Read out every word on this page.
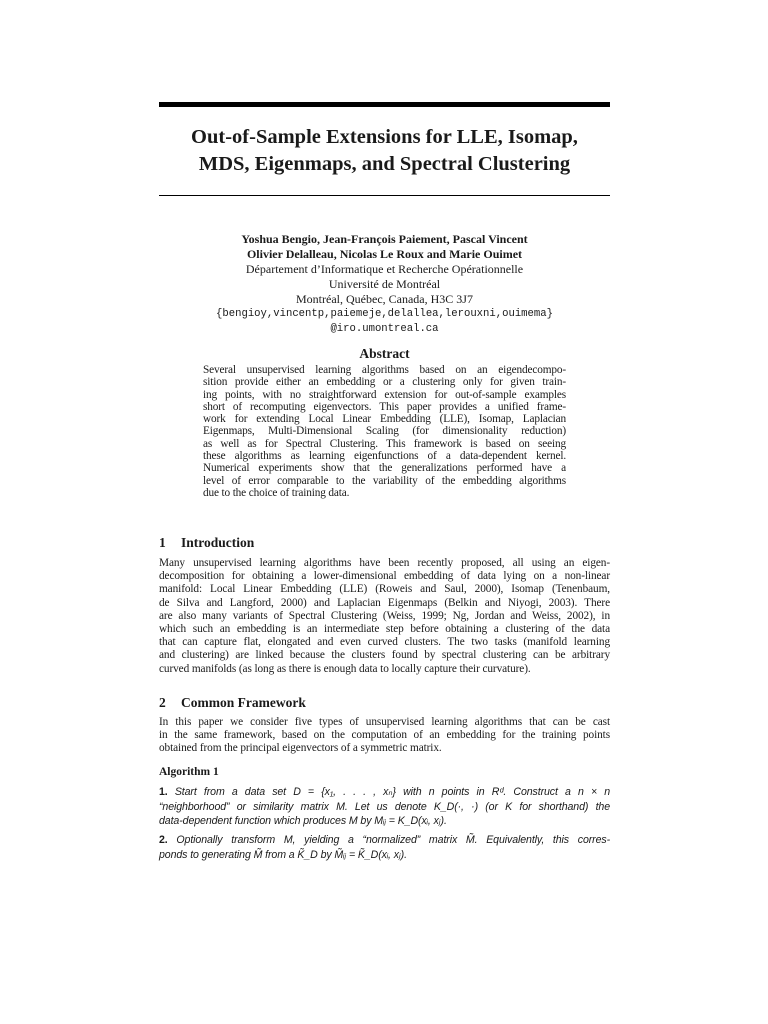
Out-of-Sample Extensions for LLE, Isomap,
MDS, Eigenmaps, and Spectral Clustering
Yoshua Bengio, Jean-François Paiement, Pascal Vincent
Olivier Delalleau, Nicolas Le Roux and Marie Ouimet
Département d’Informatique et Recherche Opérationnelle
Université de Montréal
Montréal, Québec, Canada, H3C 3J7
{bengioy,vincentp,paiemeje,delallea,lerouxni,ouimema}
@iro.umontreal.ca
Abstract

Several unsupervised learning algorithms based on an eigendecompo-
sition provide either an embedding or a clustering only for given train-
ing points, with no straightforward extension for out-of-sample examples
short of recomputing eigenvectors. This paper provides a unified frame-
work for extending Local Linear Embedding (LLE), Isomap, Laplacian
Eigenmaps, Multi-Dimensional Scaling (for dimensionality reduction)
as well as for Spectral Clustering. This framework is based on seeing
these algorithms as learning eigenfunctions of a data-dependent kernel.
Numerical experiments show that the generalizations performed have a
level of error comparable to the variability of the embedding algorithms
due to the choice of training data.

1 Introduction

Many unsupervised learning algorithms have been recently proposed, all using an eigen-
decomposition for obtaining a lower-dimensional embedding of data lying on a non-linear
manifold: Local Linear Embedding (LLE) (Roweis and Saul, 2000), Isomap (Tenenbaum,
de Silva and Langford, 2000) and Laplacian Eigenmaps (Belkin and Niyogi, 2003). There
are also many variants of Spectral Clustering (Weiss, 1999; Ng, Jordan and Weiss, 2002), in
which such an embedding is an intermediate step before obtaining a clustering of the data
that can capture flat, elongated and even curved clusters. The two tasks (manifold learning
and clustering) are linked because the clusters found by spectral clustering can be arbitrary
curved manifolds (as long as there is enough data to locally capture their curvature).

2 Common Framework

In this paper we consider five types of unsupervised learning algorithms that can be cast
in the same framework, based on the computation of an embedding for the training points
obtained from the principal eigenvectors of a symmetric matrix.

Algorithm 1
1. Start from a data set D = {x₁, . . . , xₙ} with n points in Rᵈ. Construct a n × n
“neighborhood” or similarity matrix M. Let us denote K_D(·, ·) (or K for shorthand) the
data-dependent function which produces M by Mᵢⱼ = K_D(xᵢ, xⱼ).
2. Optionally transform M, yielding a “normalized” matrix M̃. Equivalently, this corres-
ponds to generating M̃ from a K̃_D by M̃ᵢⱼ = K̃_D(xᵢ, xⱼ).
